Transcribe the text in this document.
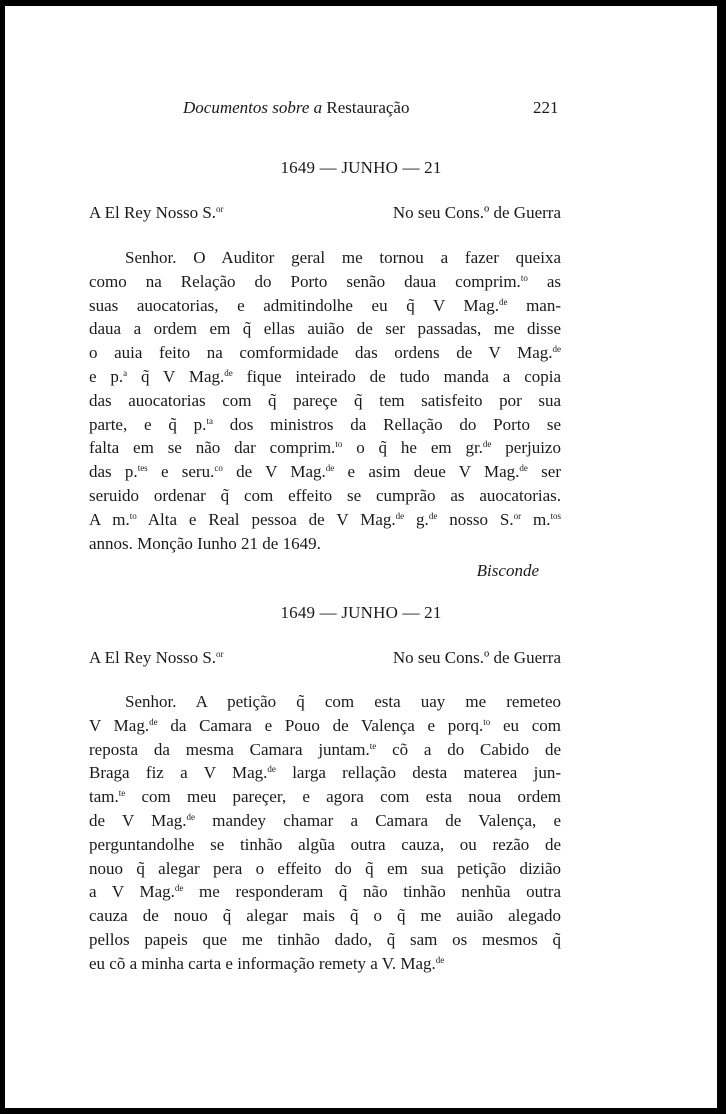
Documentos sobre a Restauração	221
1649 — JUNHO — 21
A El Rey Nosso S.$^{or}$	No seu Cons.º de Guerra
Senhor. O Auditor geral me tornou a fazer queixa
como na Relação do Porto senão daua comprim.$^{to}$ as
suas auocatorias, e admitindolhe eu q̃ V Mag.$^{de}$ man-
daua a ordem em q̃ ellas auião de ser passadas, me disse
o auia feito na comformidade das ordens de V Mag.$^{de}$
e p.$^a$ q̃ V Mag.$^{de}$ fique inteirado de tudo manda a copia
das auocatorias com q̃ pareçe q̃ tem satisfeito por sua
parte, e q̃ p.$^{ta}$ dos ministros da Rellação do Porto se
falta em se não dar comprim.$^{to}$ o q̃ he em gr.$^{de}$ perjuizo
das p.$^{tes}$ e seru.$^{co}$ de V Mag.$^{de}$ e asim deue V Mag.$^{de}$ ser
seruido ordenar q̃ com effeito se cumprão as auocatorias.
A m.$^{to}$ Alta e Real pessoa de V Mag.$^{de}$ g.$^{de}$ nosso S.$^{or}$ m.$^{tos}$
annos. Monção Iunho 21 de 1649.
Bisconde
1649 — JUNHO — 21
A El Rey Nosso S.$^{or}$	No seu Cons.º de Guerra
Senhor. A petição q̃ com esta uay me remeteo
V Mag.$^{de}$ da Camara e Pouo de Valença e porq.$^{to}$ eu com
reposta da mesma Camara juntam.$^{te}$ cõ a do Cabido de
Braga fiz a V Mag.$^{de}$ larga rellação desta materea jun-
tam.$^{te}$ com meu pareçer, e agora com esta noua ordem
de V Mag.$^{de}$ mandey chamar a Camara de Valença, e
perguntandolhe se tinhão algũa outra cauza, ou rezão de
nouo q̃ alegar pera o effeito do q̃ em sua petição dizião
a V Mag.$^{de}$ me responderam q̃ não tinhão nenhũa outra
cauza de nouo q̃ alegar mais q̃ o q̃ me auião alegado
pellos papeis que me tinhão dado, q̃ sam os mesmos q̃
eu cõ a minha carta e informação remety a V. Mag.$^{de}$
